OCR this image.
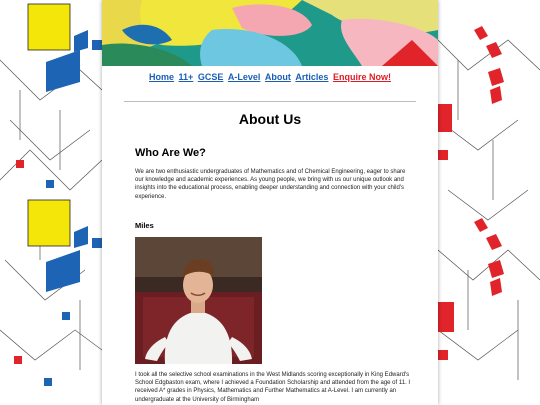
Home 11+ GCSE A-Level About Articles Enquire Now!
About Us
Who Are We?
We are two enthusiastic undergraduates of Mathematics and of Chemical Engineering, eager to share our knowledge and academic experiences. As young people, we bring with us our unique outlook and insights into the educational process, enabling deeper understanding and connection with your child's experience.
Miles
I took all the selective school examinations in the West Midlands scoring exceptionally in King Edward's School Edgbaston exam, where I achieved a Foundation Scholarship and attended from the age of 11. I received A* grades in Physics, Mathematics and Further Mathematics at A-Level. I am currently an undergraduate at the University of Birmingham
